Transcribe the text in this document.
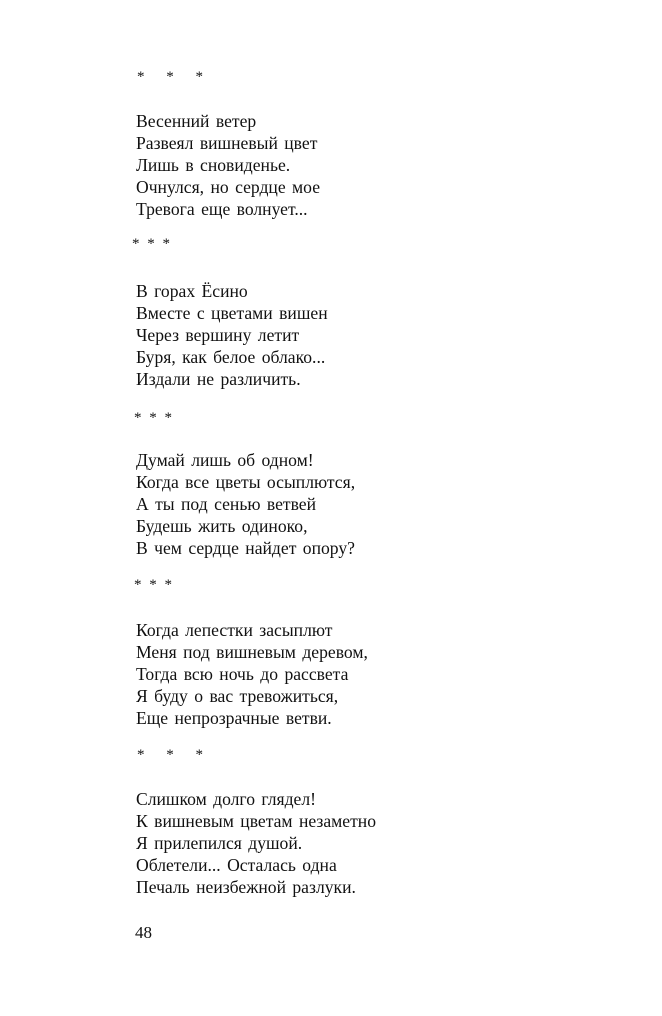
* * *
Весенний ветер
Развеял вишневый цвет
Лишь в сновиденье.
Очнулся, но сердце мое
Тревога еще волнует...
* * *
В горах Ёсино
Вместе с цветами вишен
Через вершину летит
Буря, как белое облако...
Издали не различить.
* * *
Думай лишь об одном!
Когда все цветы осыплются,
А ты под сенью ветвей
Будешь жить одиноко,
В чем сердце найдет опору?
* * *
Когда лепестки засыплют
Меня под вишневым деревом,
Тогда всю ночь до рассвета
Я буду о вас тревожиться,
Еще непрозрачные ветви.
* * *
Слишком долго глядел!
К вишневым цветам незаметно
Я прилепился душой.
Облетели... Осталась одна
Печаль неизбежной разлуки.
48
